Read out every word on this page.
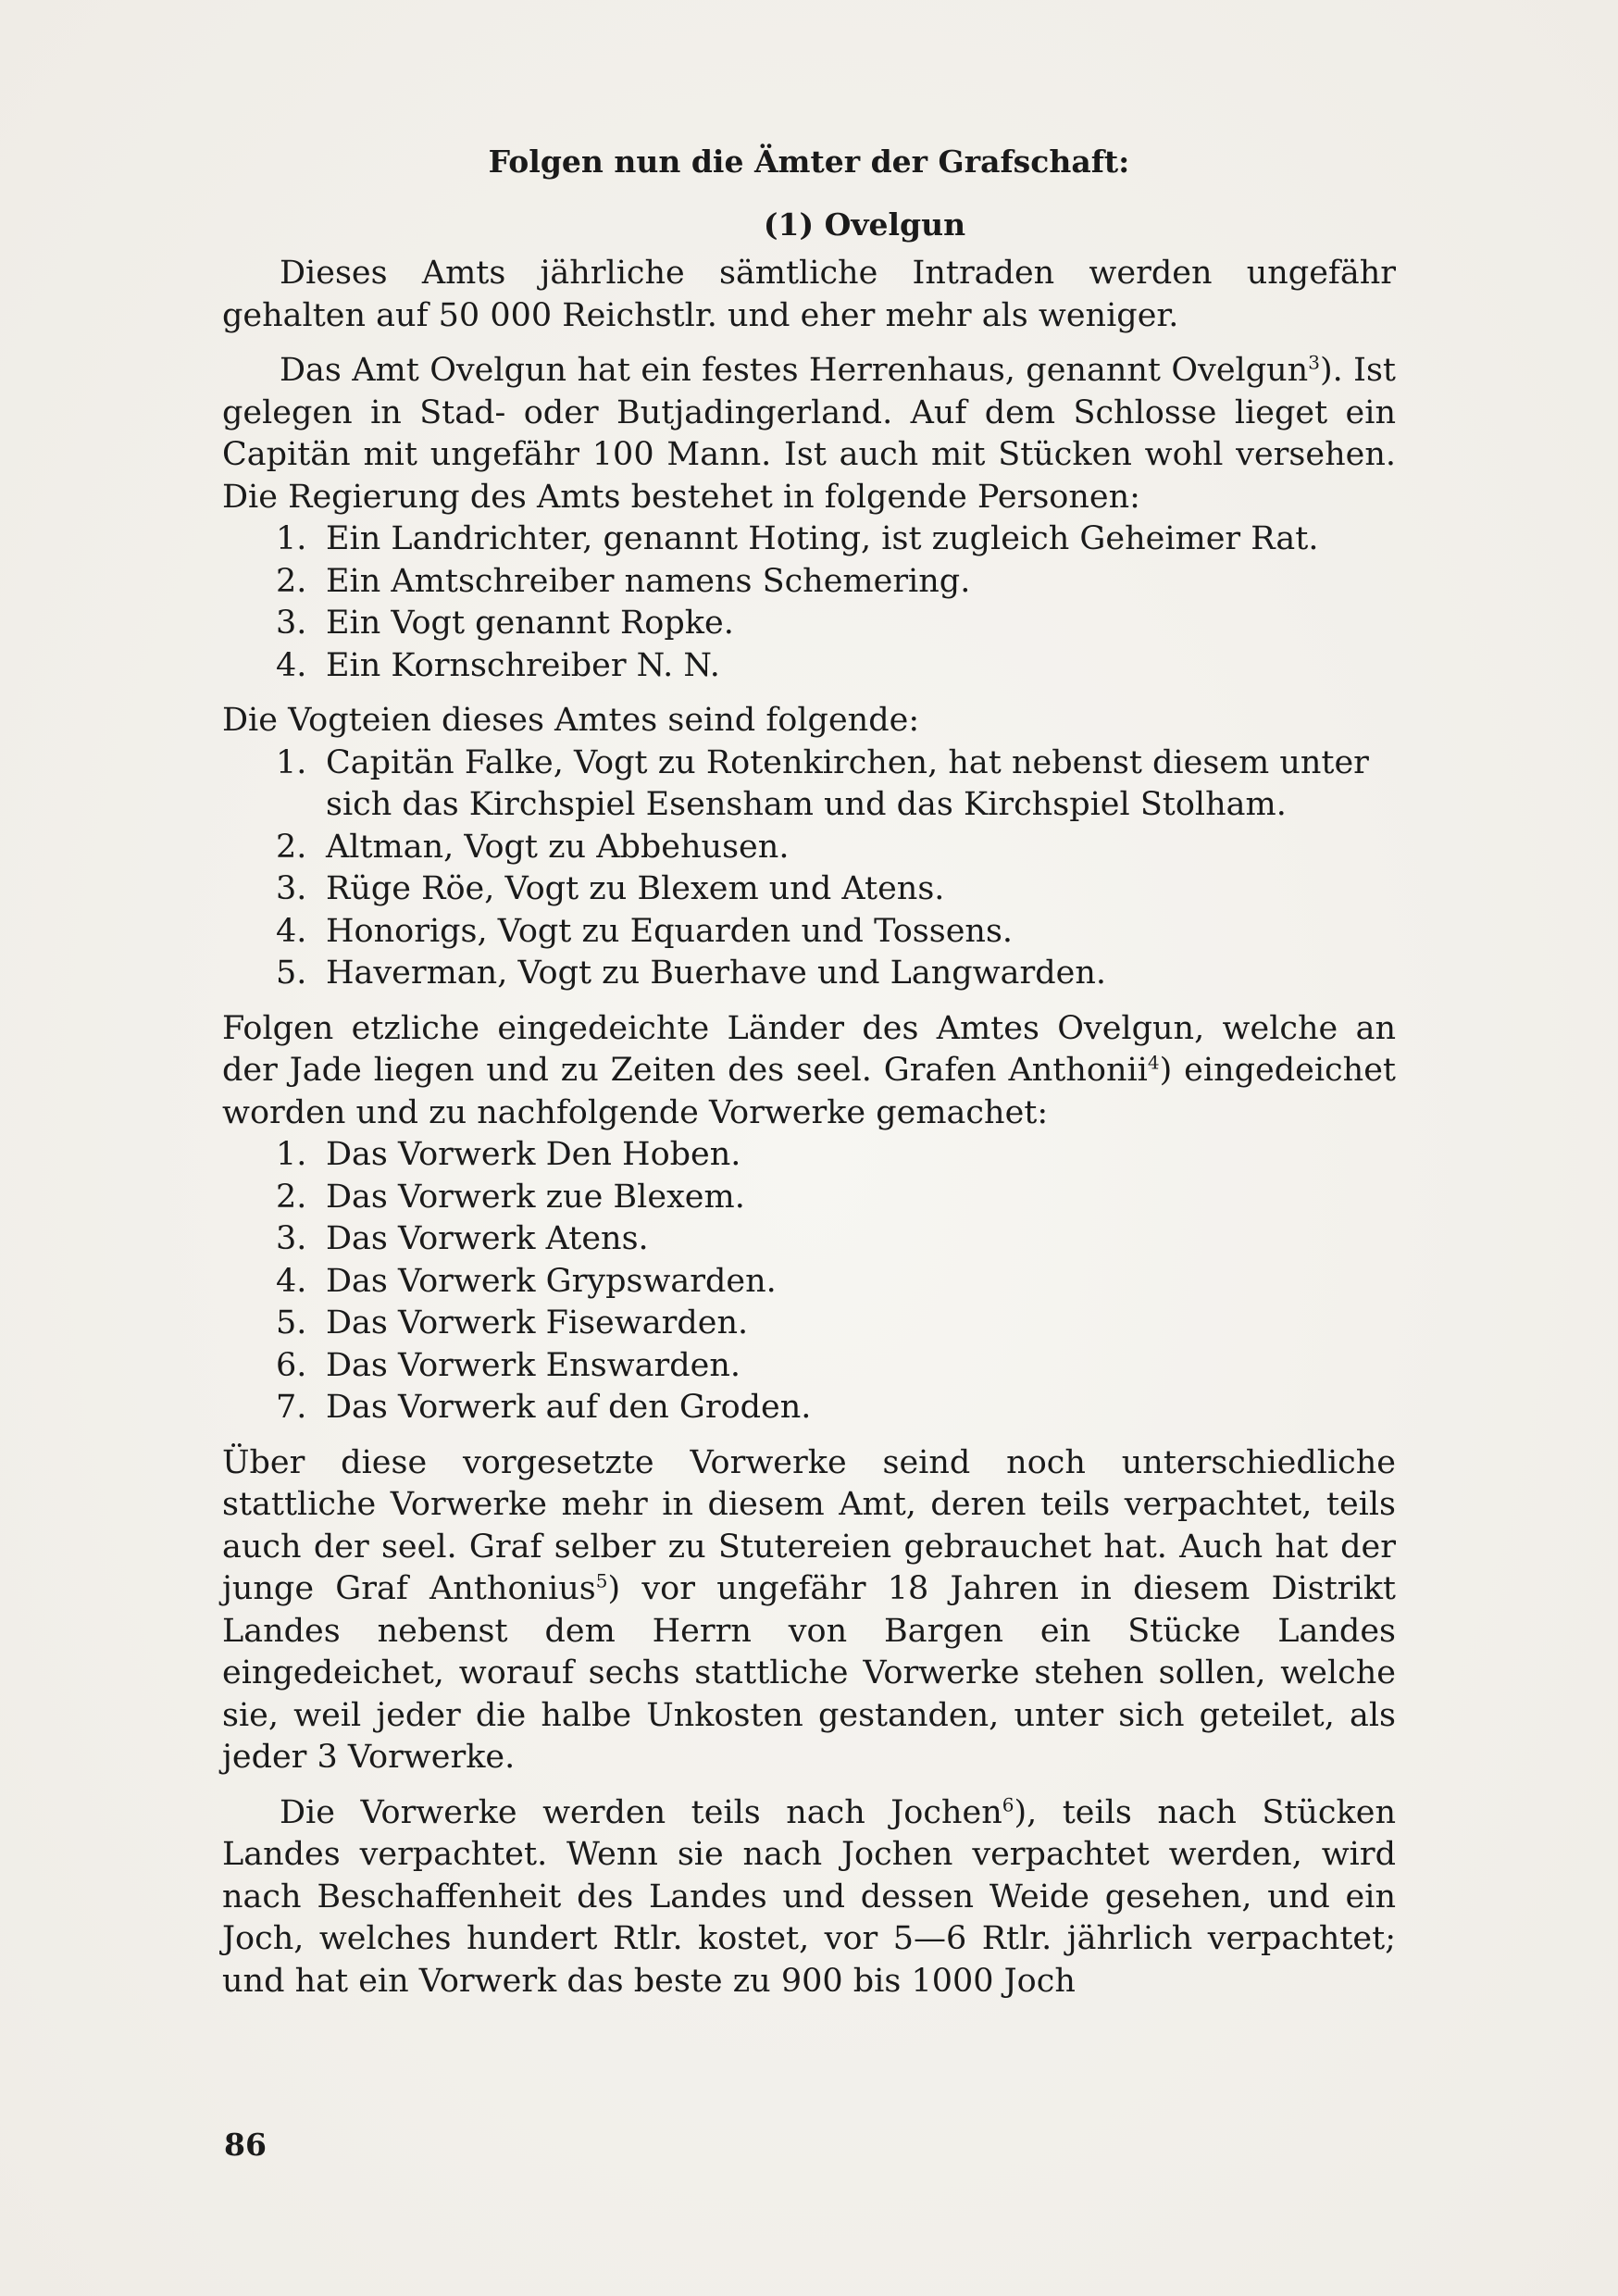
Folgen nun die Ämter der Grafschaft:
(1) Ovelgun

Dieses Amts jährliche sämtliche Intraden werden ungefähr gehalten auf 50 000 Reichstlr. und eher mehr als weniger.

Das Amt Ovelgun hat ein festes Herrenhaus, genannt Ovelgun$^3$). Ist gelegen in Stad- oder Butjadingerland. Auf dem Schlosse lieget ein Capitän mit ungefähr 100 Mann. Ist auch mit Stücken wohl versehen. Die Regierung des Amts bestehet in folgende Personen:

1. Ein Landrichter, genannt Hoting, ist zugleich Geheimer Rat.
2. Ein Amtschreiber namens Schemering.
3. Ein Vogt genannt Ropke.
4. Ein Kornschreiber N. N.

Die Vogteien dieses Amtes seind folgende:

1. Capitän Falke, Vogt zu Rotenkirchen, hat nebenst diesem unter sich das Kirchspiel Esensham und das Kirchspiel Stolham.
2. Altman, Vogt zu Abbehusen.
3. Rüge Röe, Vogt zu Blexem und Atens.
4. Honorigs, Vogt zu Equarden und Tossens.
5. Haverman, Vogt zu Buerhave und Langwarden.

Folgen etzliche eingedeichte Länder des Amtes Ovelgun, welche an der Jade liegen und zu Zeiten des seel. Grafen Anthonii$^4$) eingedeichet worden und zu nachfolgende Vorwerke gemachet:

1. Das Vorwerk Den Hoben.
2. Das Vorwerk zue Blexem.
3. Das Vorwerk Atens.
4. Das Vorwerk Grypswarden.
5. Das Vorwerk Fisewarden.
6. Das Vorwerk Enswarden.
7. Das Vorwerk auf den Groden.

Über diese vorgesetzte Vorwerke seind noch unterschiedliche stattliche Vorwerke mehr in diesem Amt, deren teils verpachtet, teils auch der seel. Graf selber zu Stutereien gebrauchet hat. Auch hat der junge Graf Anthonius$^5$) vor ungefähr 18 Jahren in diesem Distrikt Landes nebenst dem Herrn von Bargen ein Stücke Landes eingedeichet, worauf sechs stattliche Vorwerke stehen sollen, welche sie, weil jeder die halbe Unkosten gestanden, unter sich geteilet, als jeder 3 Vorwerke.

Die Vorwerke werden teils nach Jochen$^6$), teils nach Stücken Landes verpachtet. Wenn sie nach Jochen verpachtet werden, wird nach Beschaffenheit des Landes und dessen Weide gesehen, und ein Joch, welches hundert Rtlr. kostet, vor 5—6 Rtlr. jährlich verpachtet; und hat ein Vorwerk das beste zu 900 bis 1000 Joch

86
